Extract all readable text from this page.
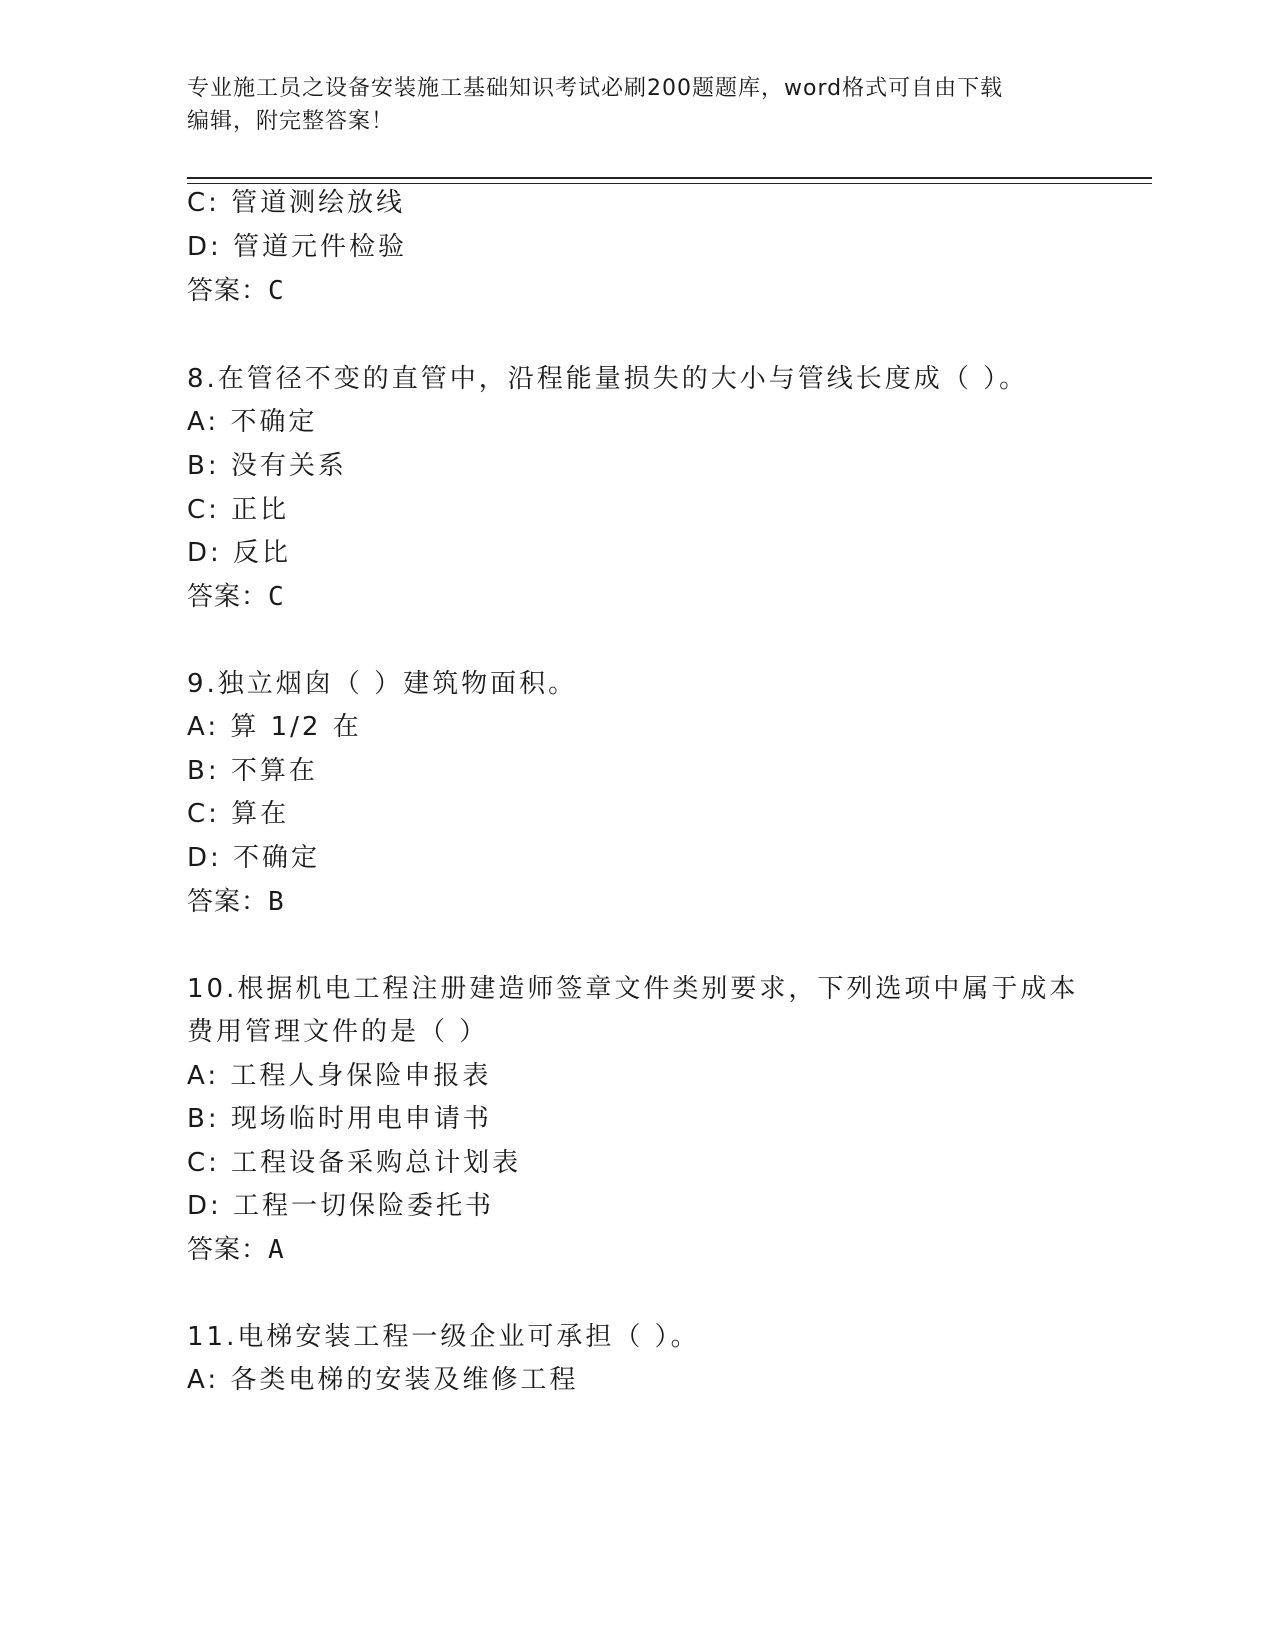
专业施工员之设备安装施工基础知识考试必刷200题题库，word格式可自由下载
编辑，附完整答案！
C: 管道测绘放线
D: 管道元件检验
答案：C
8.在管径不变的直管中，沿程能量损失的大小与管线长度成（ ）。
A: 不确定
B: 没有关系
C: 正比
D: 反比
答案：C
9.独立烟囱（ ）建筑物面积。
A: 算 1/2 在
B: 不算在
C: 算在
D: 不确定
答案：B
10.根据机电工程注册建造师签章文件类别要求，下列选项中属于成本
费用管理文件的是（ ）
A: 工程人身保险申报表
B: 现场临时用电申请书
C: 工程设备采购总计划表
D: 工程一切保险委托书
答案：A
11.电梯安装工程一级企业可承担（ ）。
A: 各类电梯的安装及维修工程
